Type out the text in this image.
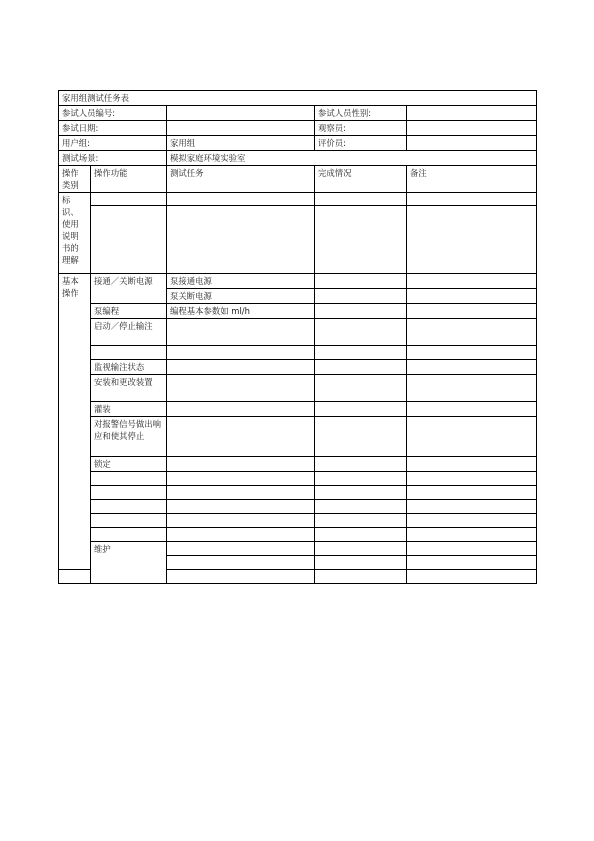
家用组测试任务表					
参试人员编号:			参试人员性别:		
参试日期:			观察员:		
用户组:		家用组	评价员:		
测试场景:		模拟家庭环境实验室			
操作类别	操作功能	测试任务	完成情况	备注	
标识、使用说明书的理解					

基本操作	接通／关断电源	泵接通电源			
		泵关断电源			
	泵编程	编程基本参数如 ml/h			
	启动／停止输注				

	监视输注状态				
	安装和更改装置				
	灌装				
	对报警信号做出响应和使其停止				
	锁定				

	维护				
